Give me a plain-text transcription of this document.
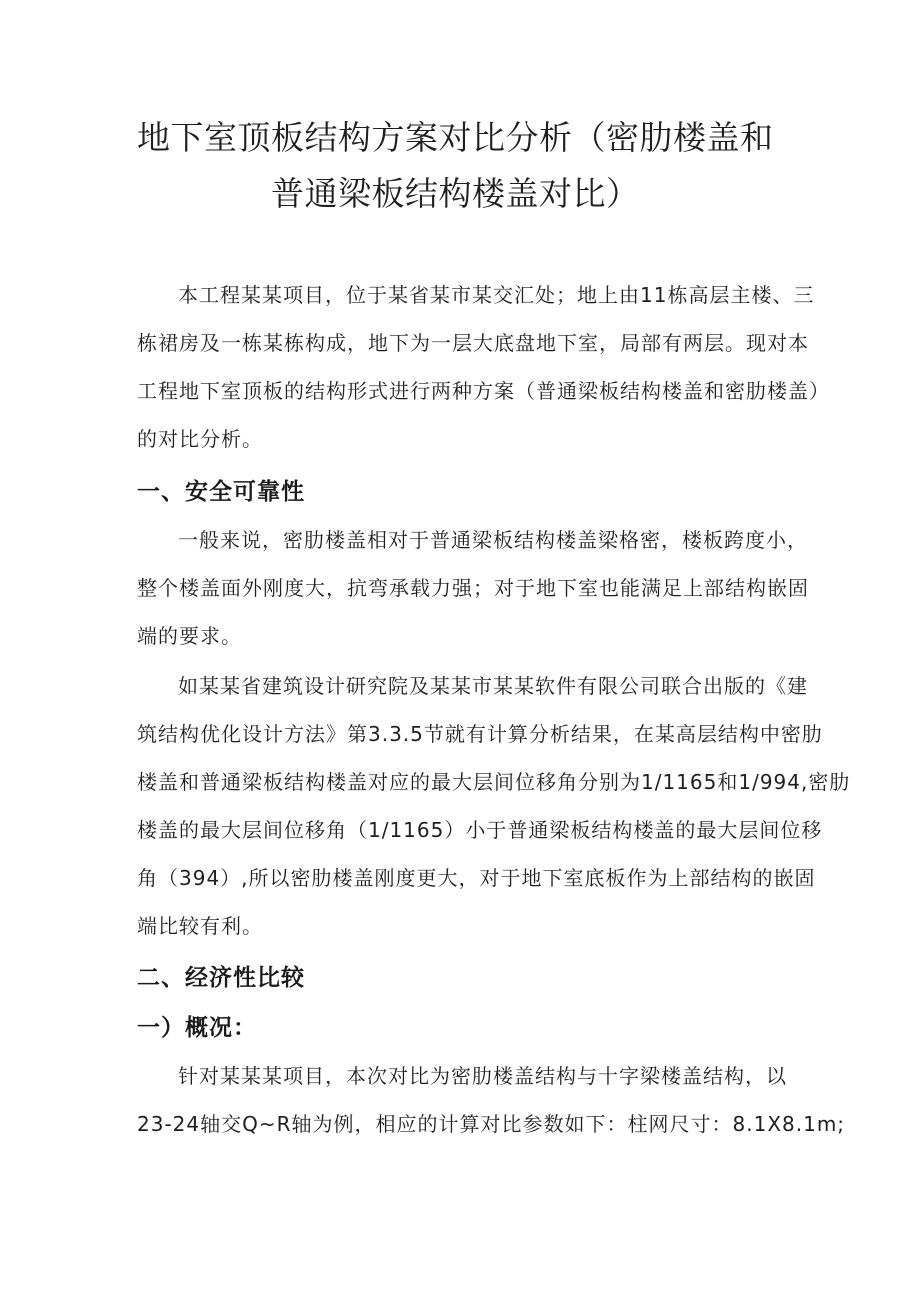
地下室顶板结构方案对比分析（密肋楼盖和
普通梁板结构楼盖对比）
本工程某某项目，位于某省某市某交汇处；地上由11栋高层主楼、三
栋裙房及一栋某栋构成，地下为一层大底盘地下室，局部有两层。现对本
工程地下室顶板的结构形式进行两种方案（普通梁板结构楼盖和密肋楼盖）
的对比分析。
一、安全可靠性
一般来说，密肋楼盖相对于普通梁板结构楼盖梁格密，楼板跨度小，
整个楼盖面外刚度大，抗弯承载力强；对于地下室也能满足上部结构嵌固
端的要求。
如某某省建筑设计研究院及某某市某某软件有限公司联合出版的《建
筑结构优化设计方法》第3.3.5节就有计算分析结果，在某高层结构中密肋
楼盖和普通梁板结构楼盖对应的最大层间位移角分别为1/1165和1/994,密肋
楼盖的最大层间位移角（1/1165）小于普通梁板结构楼盖的最大层间位移
角（394）,所以密肋楼盖刚度更大，对于地下室底板作为上部结构的嵌固
端比较有利。
二、经济性比较
一）概况：
针对某某某项目，本次对比为密肋楼盖结构与十字梁楼盖结构，以
23-24轴交Q~R轴为例，相应的计算对比参数如下：柱网尺寸：8.1X8.1m;
